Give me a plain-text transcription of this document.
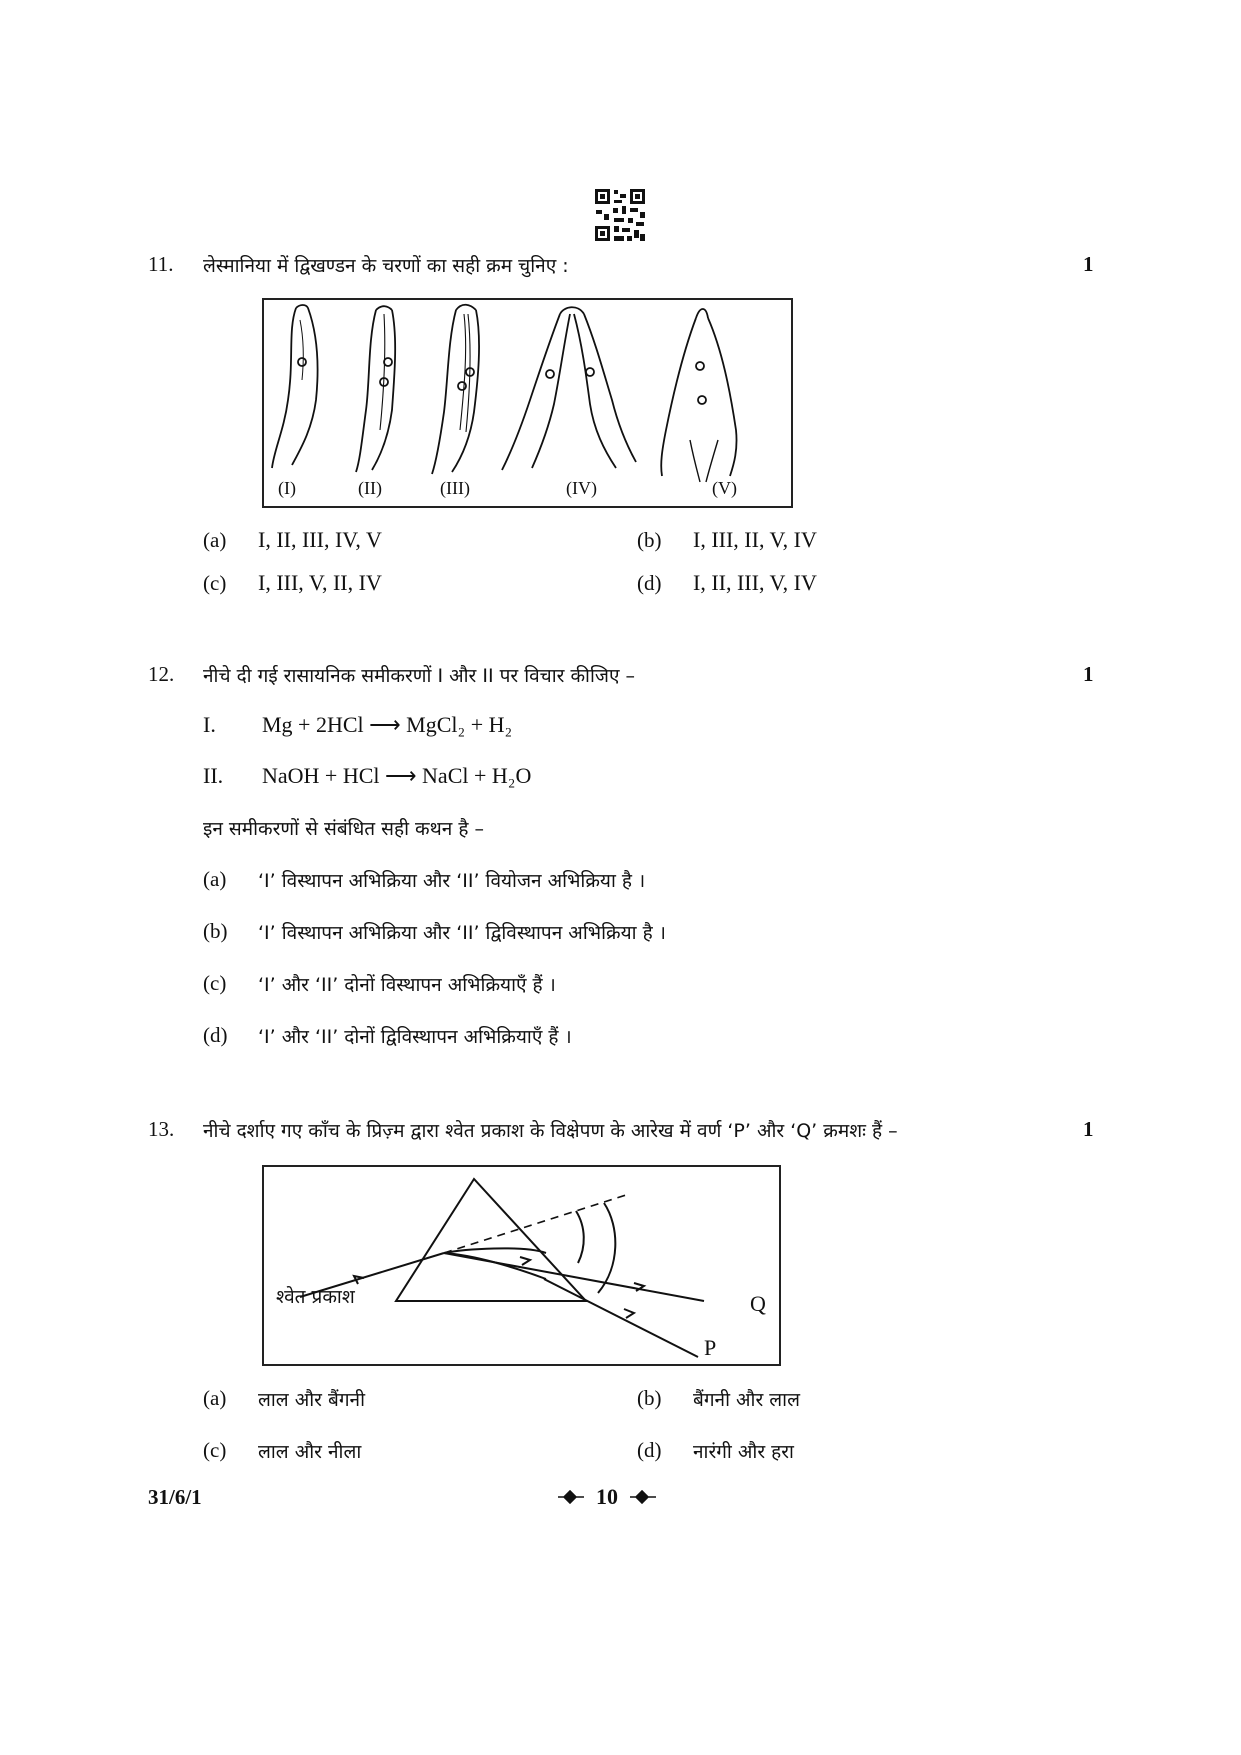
11. लेस्मानिया में द्विखण्डन के चरणों का सही क्रम चुनिए :	1
(I)	(II)	(III)	(IV)	(V)
(a) I, II, III, IV, V	(b) I, III, II, V, IV
(c) I, III, V, II, IV	(d) I, II, III, V, IV
12. नीचे दी गई रासायनिक समीकरणों I और II पर विचार कीजिए –	1
I. Mg + 2HCl ⟶ MgCl₂ + H₂
II. NaOH + HCl ⟶ NaCl + H₂O
इन समीकरणों से संबंधित सही कथन है –
(a) ‘I’ विस्थापन अभिक्रिया और ‘II’ वियोजन अभिक्रिया है ।
(b) ‘I’ विस्थापन अभिक्रिया और ‘II’ द्विविस्थापन अभिक्रिया है ।
(c) ‘I’ और ‘II’ दोनों विस्थापन अभिक्रियाएँ हैं ।
(d) ‘I’ और ‘II’ दोनों द्विविस्थापन अभिक्रियाएँ हैं ।
13. नीचे दर्शाए गए काँच के प्रिज़्म द्वारा श्वेत प्रकाश के विक्षेपण के आरेख में वर्ण ‘P’ और ‘Q’ क्रमशः हैं –	1
श्वेत प्रकाश	Q
P
(a) लाल और बैंगनी	(b) बैंगनी और लाल
(c) लाल और नीला	(d) नारंगी और हरा
31/6/1	10
